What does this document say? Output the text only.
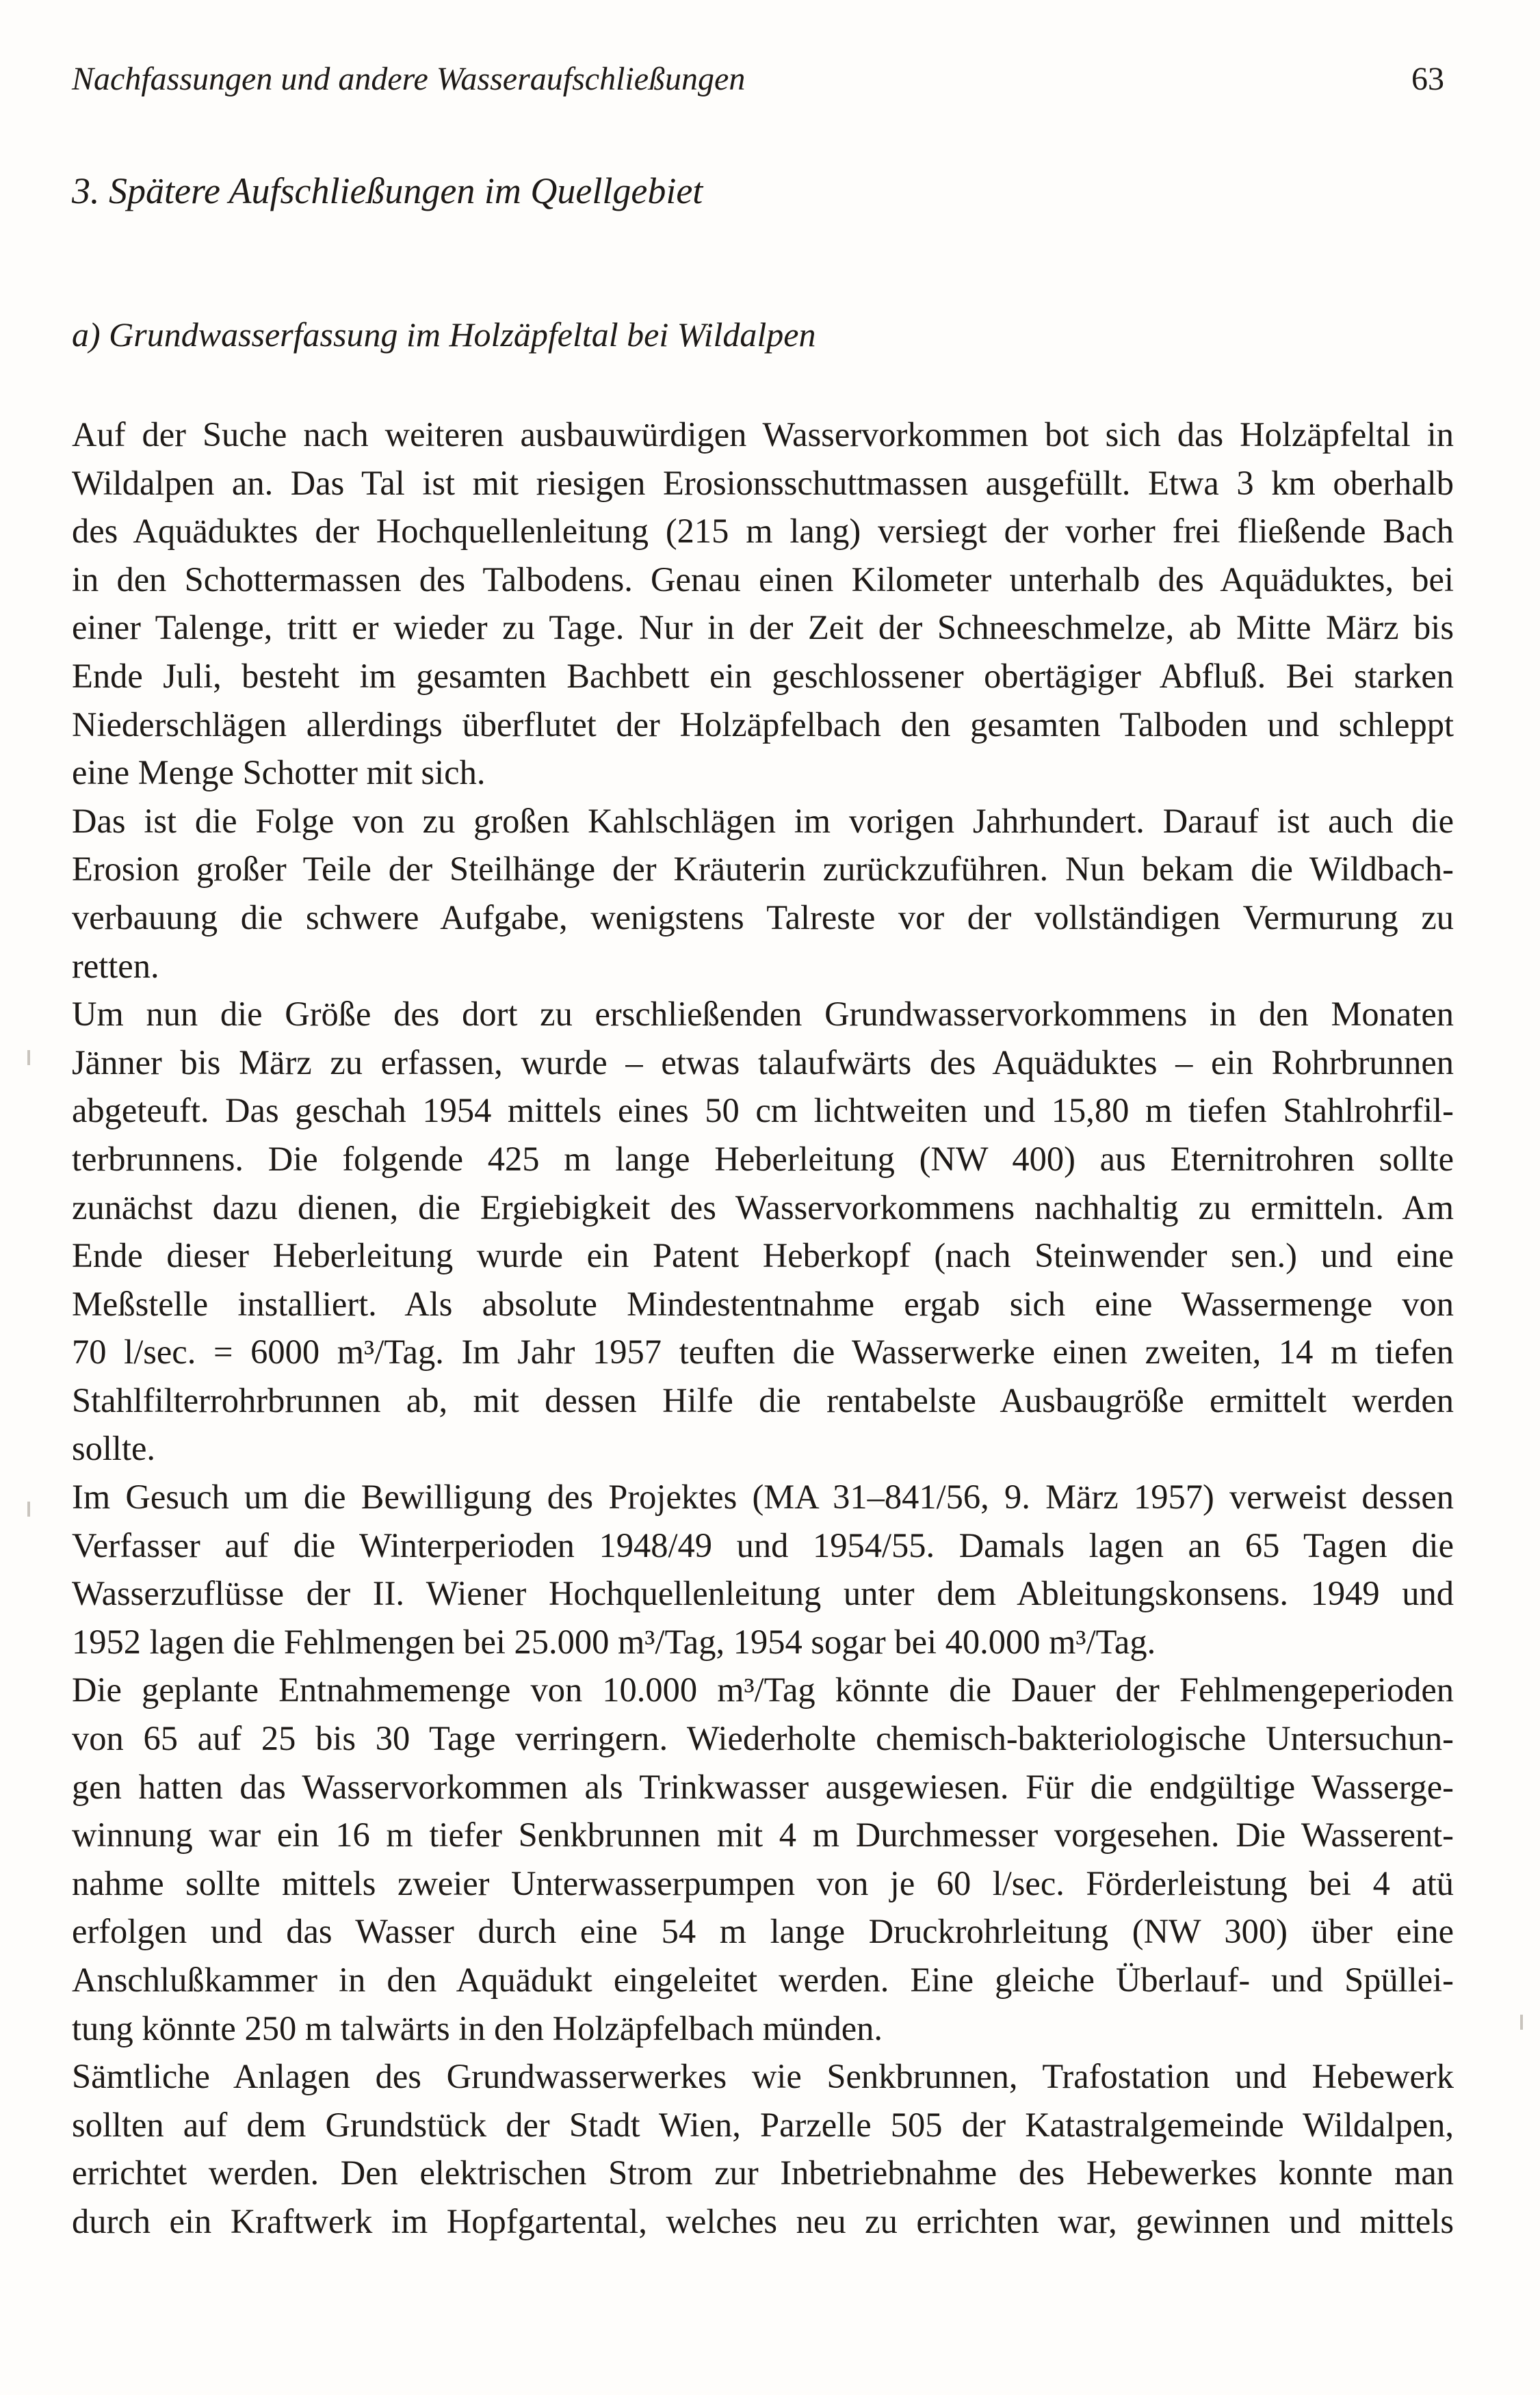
Nachfassungen und andere Wasseraufschließungen	63
3. Spätere Aufschließungen im Quellgebiet
a) Grundwasserfassung im Holzäpfeltal bei Wildalpen
Auf der Suche nach weiteren ausbauwürdigen Wasservorkommen bot sich das Holzäpfeltal in
Wildalpen an. Das Tal ist mit riesigen Erosionsschuttmassen ausgefüllt. Etwa 3 km oberhalb
des Aquäduktes der Hochquellenleitung (215 m lang) versiegt der vorher frei fließende Bach
in den Schottermassen des Talbodens. Genau einen Kilometer unterhalb des Aquäduktes, bei
einer Talenge, tritt er wieder zu Tage. Nur in der Zeit der Schneeschmelze, ab Mitte März bis
Ende Juli, besteht im gesamten Bachbett ein geschlossener obertägiger Abfluß. Bei starken
Niederschlägen allerdings überflutet der Holzäpfelbach den gesamten Talboden und schleppt
eine Menge Schotter mit sich.
Das ist die Folge von zu großen Kahlschlägen im vorigen Jahrhundert. Darauf ist auch die
Erosion großer Teile der Steilhänge der Kräuterin zurückzuführen. Nun bekam die Wildbach-
verbauung die schwere Aufgabe, wenigstens Talreste vor der vollständigen Vermurung zu
retten.
Um nun die Größe des dort zu erschließenden Grundwasservorkommens in den Monaten
Jänner bis März zu erfassen, wurde – etwas talaufwärts des Aquäduktes – ein Rohrbrunnen
abgeteuft. Das geschah 1954 mittels eines 50 cm lichtweiten und 15,80 m tiefen Stahlrohrfil-
terbrunnens. Die folgende 425 m lange Heberleitung (NW 400) aus Eternitrohren sollte
zunächst dazu dienen, die Ergiebigkeit des Wasservorkommens nachhaltig zu ermitteln. Am
Ende dieser Heberleitung wurde ein Patent Heberkopf (nach Steinwender sen.) und eine
Meßstelle installiert. Als absolute Mindestentnahme ergab sich eine Wassermenge von
70 l/sec. = 6000 m³/Tag. Im Jahr 1957 teuften die Wasserwerke einen zweiten, 14 m tiefen
Stahlfilterrohrbrunnen ab, mit dessen Hilfe die rentabelste Ausbaugröße ermittelt werden
sollte.
Im Gesuch um die Bewilligung des Projektes (MA 31–841/56, 9. März 1957) verweist dessen
Verfasser auf die Winterperioden 1948/49 und 1954/55. Damals lagen an 65 Tagen die
Wasserzuflüsse der II. Wiener Hochquellenleitung unter dem Ableitungskonsens. 1949 und
1952 lagen die Fehlmengen bei 25.000 m³/Tag, 1954 sogar bei 40.000 m³/Tag.
Die geplante Entnahmemenge von 10.000 m³/Tag könnte die Dauer der Fehlmengeperioden
von 65 auf 25 bis 30 Tage verringern. Wiederholte chemisch-bakteriologische Untersuchun-
gen hatten das Wasservorkommen als Trinkwasser ausgewiesen. Für die endgültige Wasserge-
winnung war ein 16 m tiefer Senkbrunnen mit 4 m Durchmesser vorgesehen. Die Wasserent-
nahme sollte mittels zweier Unterwasserpumpen von je 60 l/sec. Förderleistung bei 4 atü
erfolgen und das Wasser durch eine 54 m lange Druckrohrleitung (NW 300) über eine
Anschlußkammer in den Aquädukt eingeleitet werden. Eine gleiche Überlauf- und Spüllei-
tung könnte 250 m talwärts in den Holzäpfelbach münden.
Sämtliche Anlagen des Grundwasserwerkes wie Senkbrunnen, Trafostation und Hebewerk
sollten auf dem Grundstück der Stadt Wien, Parzelle 505 der Katastralgemeinde Wildalpen,
errichtet werden. Den elektrischen Strom zur Inbetriebnahme des Hebewerkes konnte man
durch ein Kraftwerk im Hopfgartental, welches neu zu errichten war, gewinnen und mittels
